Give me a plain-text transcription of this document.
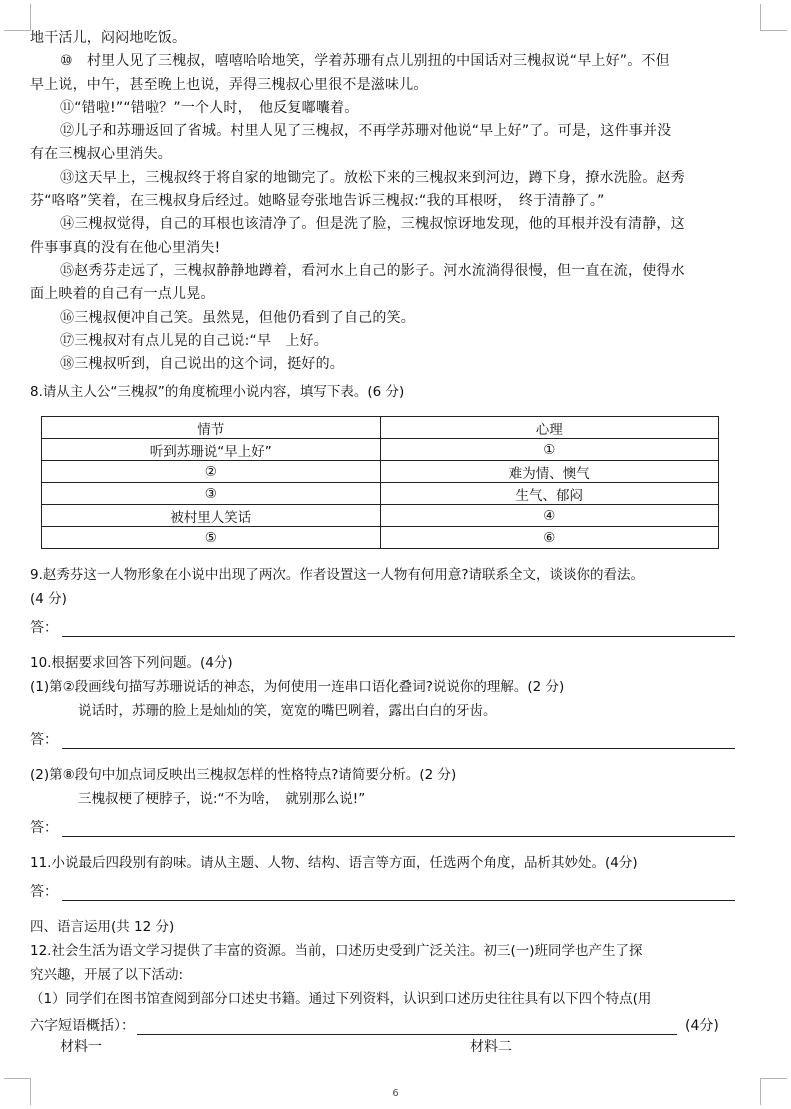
地干活儿，闷闷地吃饭。
⑩　村里人见了三槐叔，嘻嘻哈哈地笑，学着苏珊有点儿别扭的中国话对三槐叔说“早上好”。不但
早上说，中午，甚至晚上也说，弄得三槐叔心里很不是滋味儿。
⑪“错啦!”“错啦？”一个人时，　他反复嘟囔着。
⑫儿子和苏珊返回了省城。村里人见了三槐叔，不再学苏珊对他说“早上好”了。可是，这件事并没
有在三槐叔心里消失。
⑬这天早上，三槐叔终于将自家的地锄完了。放松下来的三槐叔来到河边，蹲下身，撩水洗脸。赵秀
芬“咯咯”笑着，在三槐叔身后经过。她略显夸张地告诉三槐叔:“我的耳根呀，　终于清静了。”
⑭三槐叔觉得，自己的耳根也该清净了。但是洗了脸，三槐叔惊讶地发现，他的耳根并没有清静，这
件事事真的没有在他心里消失!
⑮赵秀芬走远了，三槐叔静静地蹲着，看河水上自己的影子。河水流淌得很慢，但一直在流，使得水
面上映着的自己有一点儿晃。
⑯三槐叔便冲自己笑。虽然晃，但他仍看到了自己的笑。
⑰三槐叔对有点儿晃的自己说:“早　上好。
⑱三槐叔听到，自己说出的这个词，挺好的。
8.请从主人公“三槐叔”的角度梳理小说内容，填写下表。(6 分)
情节	心理
听到苏珊说“早上好”	①
②	难为情、懊气
③	生气、郁闷
被村里人笑话	④
⑤	⑥
9.赵秀芬这一人物形象在小说中出现了两次。作者设置这一人物有何用意?请联系全文，谈谈你的看法。
(4 分)
答：
10.根据要求回答下列问题。(4分)
(1)第②段画线句描写苏珊说话的神态，为何使用一连串口语化叠词?说说你的理解。(2 分)
说话时，苏珊的脸上是灿灿的笑，宽宽的嘴巴咧着，露出白白的牙齿。
答：
(2)第⑧段句中加点词反映出三槐叔怎样的性格特点?请简要分析。(2 分)
三槐叔梗了梗脖子，说:“不为啥，　就别那么说!”
答：
11.小说最后四段别有韵味。请从主题、人物、结构、语言等方面，任选两个角度，品析其妙处。(4分)
答：
四、语言运用(共 12 分)
12.社会生活为语文学习提供了丰富的资源。当前，口述历史受到广泛关注。初三(一)班同学也产生了探
究兴趣，开展了以下活动:
（1）同学们在图书馆查阅到部分口述史书籍。通过下列资料，认识到口述历史往往具有以下四个特点(用
六字短语概括）：	(4分)
材料一	材料二
6
